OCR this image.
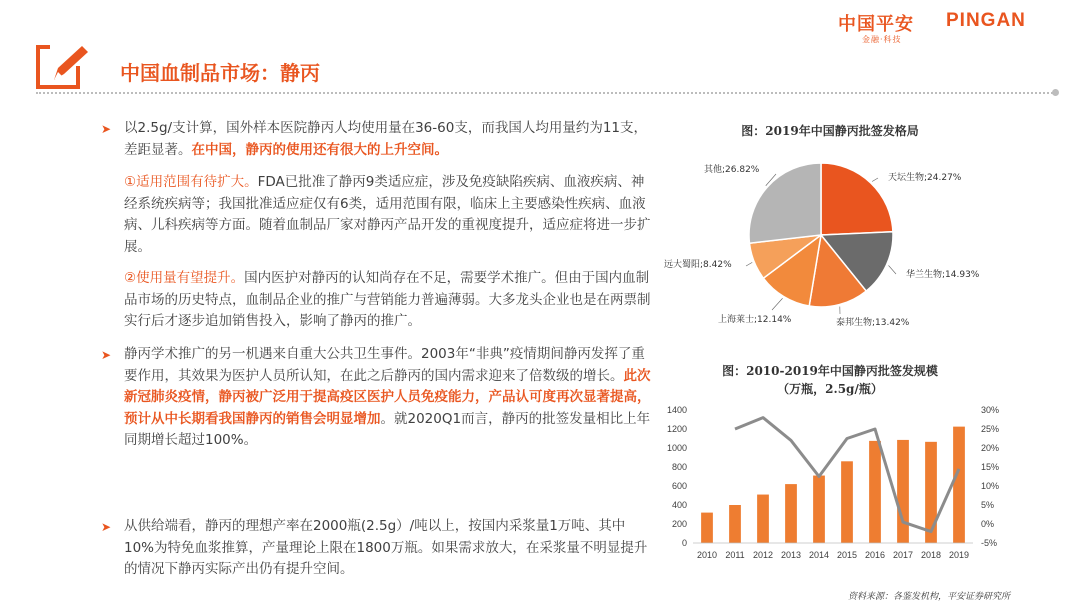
中国平安 PINGAN
金融·科技
中国血制品市场：静丙
➤ 以2.5g/支计算，国外样本医院静丙人均使用量在36-60支，而我国人均用量约为11支，差距显著。在中国，静丙的使用还有很大的上升空间。
①适用范围有待扩大。FDA已批准了静丙9类适应症，涉及免疫缺陷疾病、血液疾病、神经系统疾病等；我国批准适应症仅有6类，适用范围有限，临床上主要感染性疾病、血液病、儿科疾病等方面。随着血制品厂家对静丙产品开发的重视度提升，适应症将进一步扩展。
②使用量有望提升。国内医护对静丙的认知尚存在不足，需要学术推广。但由于国内血制品市场的历史特点，血制品企业的推广与营销能力普遍薄弱。大多龙头企业也是在两票制实行后才逐步追加销售投入，影响了静丙的推广。
➤ 静丙学术推广的另一机遇来自重大公共卫生事件。2003年“非典”疫情期间静丙发挥了重要作用，其效果为医护人员所认知，在此之后静丙的国内需求迎来了倍数级的增长。此次新冠肺炎疫情，静丙被广泛用于提高疫区医护人员免疫能力，产品认可度再次显著提高，预计从中长期看我国静丙的销售会明显增加。就2020Q1而言，静丙的批签发量相比上年同期增长超过100%。
➤ 从供给端看，静丙的理想产率在2000瓶(2.5g）/吨以上，按国内采浆量1万吨、其中10%为特免血浆推算，产量理论上限在1800万瓶。如果需求放大，在采浆量不明显提升的情况下静丙实际产出仍有提升空间。
图：2019年中国静丙批签发格局
天坛生物;24.27%
华兰生物;14.93%
泰邦生物;13.42%
上海莱士;12.14%
远大蜀阳;8.42%
其他;26.82%
图：2010-2019年中国静丙批签发规模
（万瓶，2.5g/瓶）
0
200
400
600
800
1000
1200
1400
-5%
0%
5%
10%
15%
20%
25%
30%
2010 2011 2012 2013 2014 2015 2016 2017 2018 2019
资料来源：各鉴发机构，平安证券研究所
